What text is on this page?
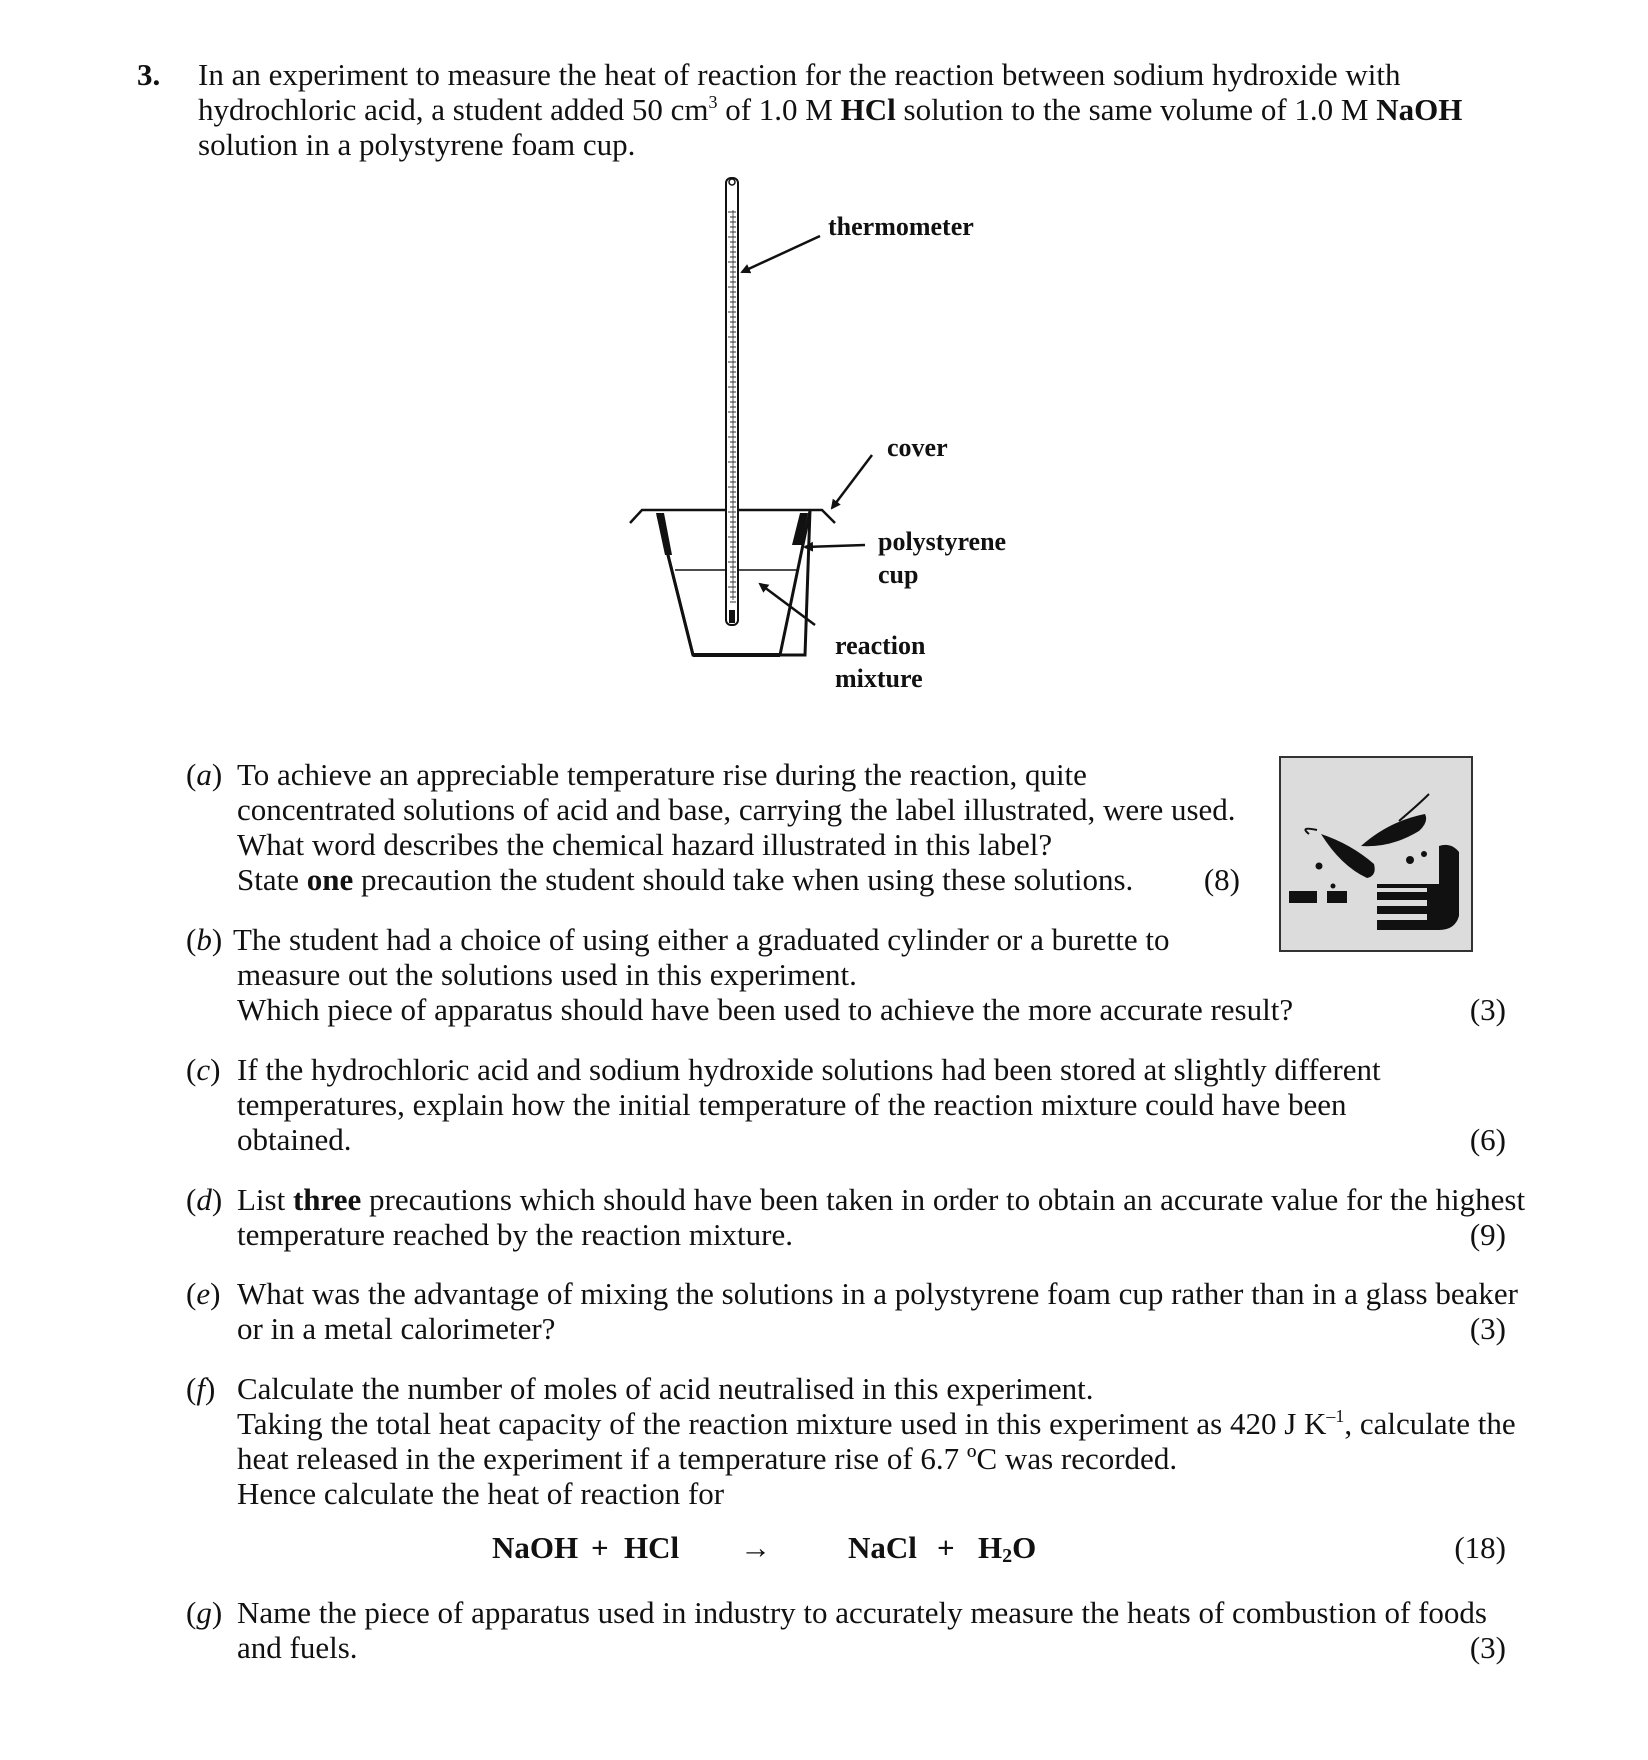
3. In an experiment to measure the heat of reaction for the reaction between sodium hydroxide with
hydrochloric acid, a student added 50 $cm^3$ of 1.0 M HCl solution to the same volume of 1.0 M NaOH
solution in a polystyrene foam cup.
thermometer
cover
polystyrene
cup
reaction
mixture
(a) To achieve an appreciable temperature rise during the reaction, quite
concentrated solutions of acid and base, carrying the label illustrated, were used.
What word describes the chemical hazard illustrated in this label?
State one precaution the student should take when using these solutions. (8)
(b) The student had a choice of using either a graduated cylinder or a burette to
measure out the solutions used in this experiment.
Which piece of apparatus should have been used to achieve the more accurate result?	(3)
(c) If the hydrochloric acid and sodium hydroxide solutions had been stored at slightly different
temperatures, explain how the initial temperature of the reaction mixture could have been
obtained.	(6)
(d) List three precautions which should have been taken in order to obtain an accurate value for the highest
temperature reached by the reaction mixture.	(9)
(e) What was the advantage of mixing the solutions in a polystyrene foam cup rather than in a glass beaker
or in a metal calorimeter?	(3)
(f) Calculate the number of moles of acid neutralised in this experiment.
Taking the total heat capacity of the reaction mixture used in this experiment as 420 J $K^{-1}$, calculate the
heat released in the experiment if a temperature rise of 6.7 ºC was recorded.
Hence calculate the heat of reaction for
NaOH + HCl → NaCl + $H_2O$	(18)
(g) Name the piece of apparatus used in industry to accurately measure the heats of combustion of foods
and fuels.	(3)
